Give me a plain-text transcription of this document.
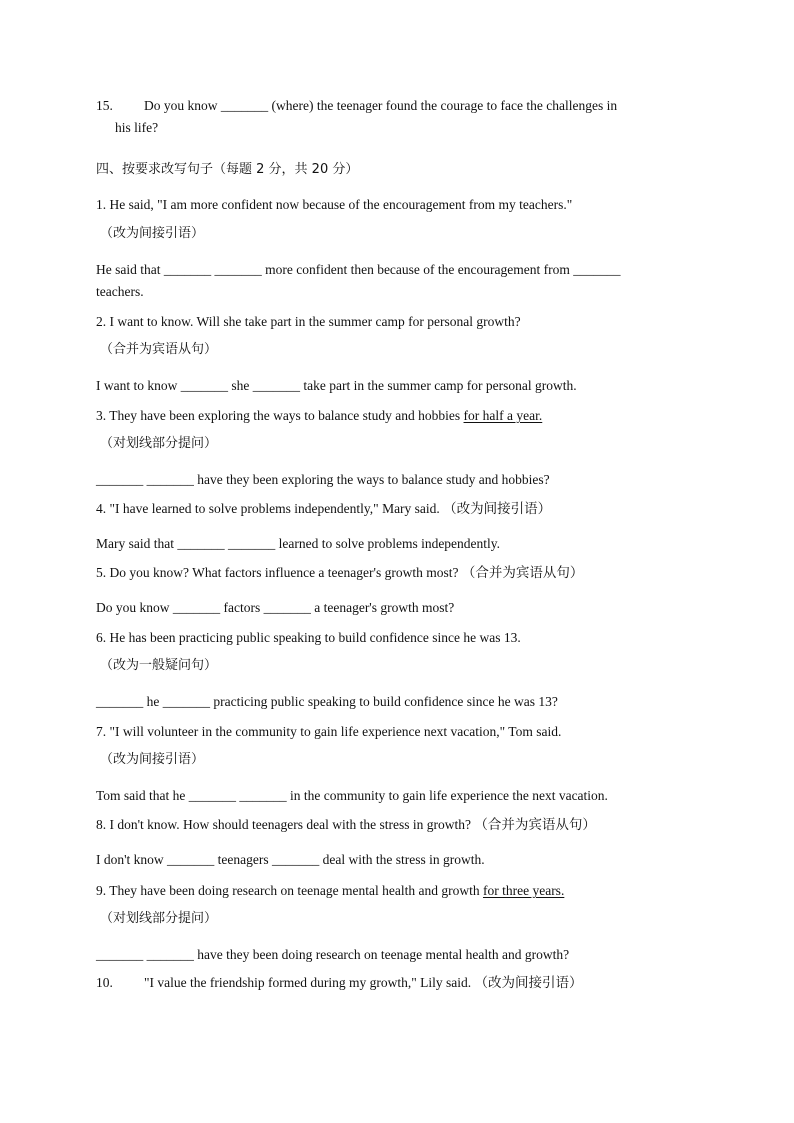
15. Do you know _______ (where) the teenager found the courage to face the challenges in
his life?
四、按要求改写句子（每题 2 分，共 20 分）
1. He said, "I am more confident now because of the encouragement from my teachers."
（改为间接引语）
He said that _______ _______ more confident then because of the encouragement from _______
teachers.
2. I want to know. Will she take part in the summer camp for personal growth?
（合并为宾语从句）
I want to know _______ she _______ take part in the summer camp for personal growth.
3. They have been exploring the ways to balance study and hobbies for half a year.
（对划线部分提问）
_______ _______ have they been exploring the ways to balance study and hobbies?
4. "I have learned to solve problems independently," Mary said. （改为间接引语）
Mary said that _______ _______ learned to solve problems independently.
5. Do you know? What factors influence a teenager's growth most? （合并为宾语从句）
Do you know _______ factors _______ a teenager's growth most?
6. He has been practicing public speaking to build confidence since he was 13.
（改为一般疑问句）
_______ he _______ practicing public speaking to build confidence since he was 13?
7. "I will volunteer in the community to gain life experience next vacation," Tom said.
（改为间接引语）
Tom said that he _______ _______ in the community to gain life experience the next vacation.
8. I don't know. How should teenagers deal with the stress in growth? （合并为宾语从句）
I don't know _______ teenagers _______ deal with the stress in growth.
9. They have been doing research on teenage mental health and growth for three years.
（对划线部分提问）
_______ _______ have they been doing research on teenage mental health and growth?
10. "I value the friendship formed during my growth," Lily said. （改为间接引语）
